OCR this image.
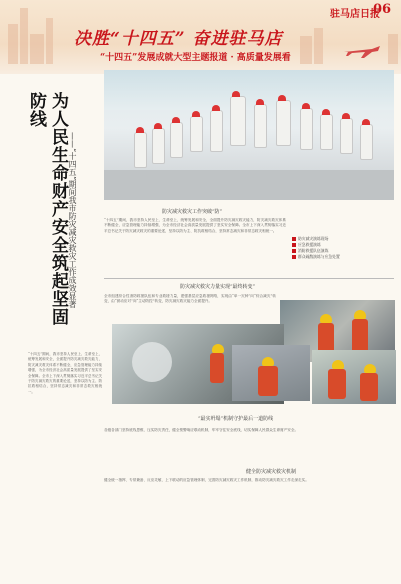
决胜“十四五” 奋进驻马店
“十四五”发展成就大型主题报道 · 高质量发展看
驻马店日报
06
为人民生命财产安全筑起坚固防线
——“十四五”期间我市防灾减灾救灾工作成效显著	防灾减灾救灾工作突破“防”
“十四五”期间，我市坚持人民至上、生命至上，统筹发展和安全，全面提升防灾减灾救灾能力，防灾减灾救灾体系不断健全，应急管理能力持续增强，为全市经济社会高质量发展提供了坚实安全保障。全市上下深入贯彻落实习近平总书记关于防灾减灾救灾的重要论述，坚持以防为主、防抗救相结合，坚持常态减灾和非常态救灾相统一。
防灾减灾演练现场
应急救援演练
消防救援队伍演练
群众疏散演练与应急处置
防灾减灾救灾力量实现“最终转变”
全市组建综合性消防救援队伍和专业救援力量，建强基层应急救援网络，实现由“单一灾种”向“综合减灾”转变，由“被动应对”向“主动防控”转变，防灾减灾救灾能力全面提升。
“十四五”期间，我市坚持人民至上、生命至上，统筹发展和安全，全面提升防灾减灾救灾能力，防灾减灾救灾体系不断健全，应急管理能力持续增强，为全市经济社会高质量发展提供了坚实安全保障。全市上下深入贯彻落实习近平总书记关于防灾减灾救灾的重要论述，坚持以防为主、防抗救相结合，坚持常态减灾和非常态救灾相统一。
“最实坍塌”机制守护最后一道防线
各级各部门坚持底线思维，压实防灾责任，健全预警响应联动机制，牢牢守住安全底线，切实保障人民群众生命财产安全。
健全防灾减灾救灾机制
健全统一指挥、专常兼备、反应灵敏、上下联动的应急管理体制，完善防灾减灾救灾工作机制，推动防灾减灾救灾工作走深走实。
